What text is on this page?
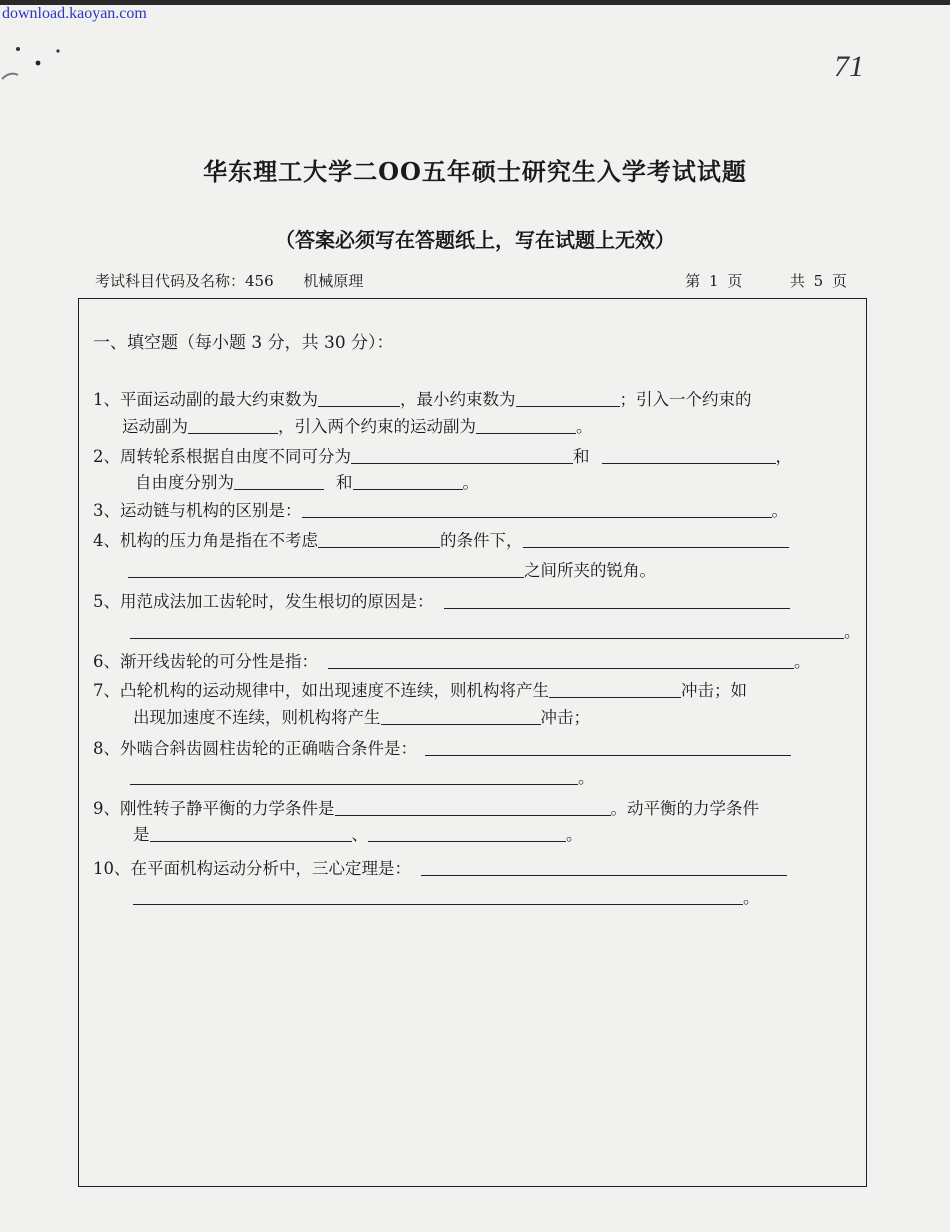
download.kaoyan.com
71
华东理工大学二OO五年硕士研究生入学考试试题
（答案必须写在答题纸上，写在试题上无效）
考试科目代码及名称：456 机械原理	第 1 页	共 5 页
一、填空题（每小题 3 分，共 30 分）：
1、平面运动副的最大约束数为	，最小约束数为	；引入一个约束的
运动副为	，引入两个约束的运动副为	。
2、周转轮系根据自由度不同可分为	和	，
自由度分别为	和	。
3、运动链与机构的区别是：	。
4、机构的压力角是指在不考虑	的条件下，
之间所夹的锐角。
5、用范成法加工齿轮时，发生根切的原因是：
。
6、渐开线齿轮的可分性是指：	。
7、凸轮机构的运动规律中，如出现速度不连续，则机构将产生	冲击；如
出现加速度不连续，则机构将产生	冲击；
8、外啮合斜齿圆柱齿轮的正确啮合条件是：
。
9、刚性转子静平衡的力学条件是	。动平衡的力学条件
是	、	。
10、在平面机构运动分析中，三心定理是：
。
